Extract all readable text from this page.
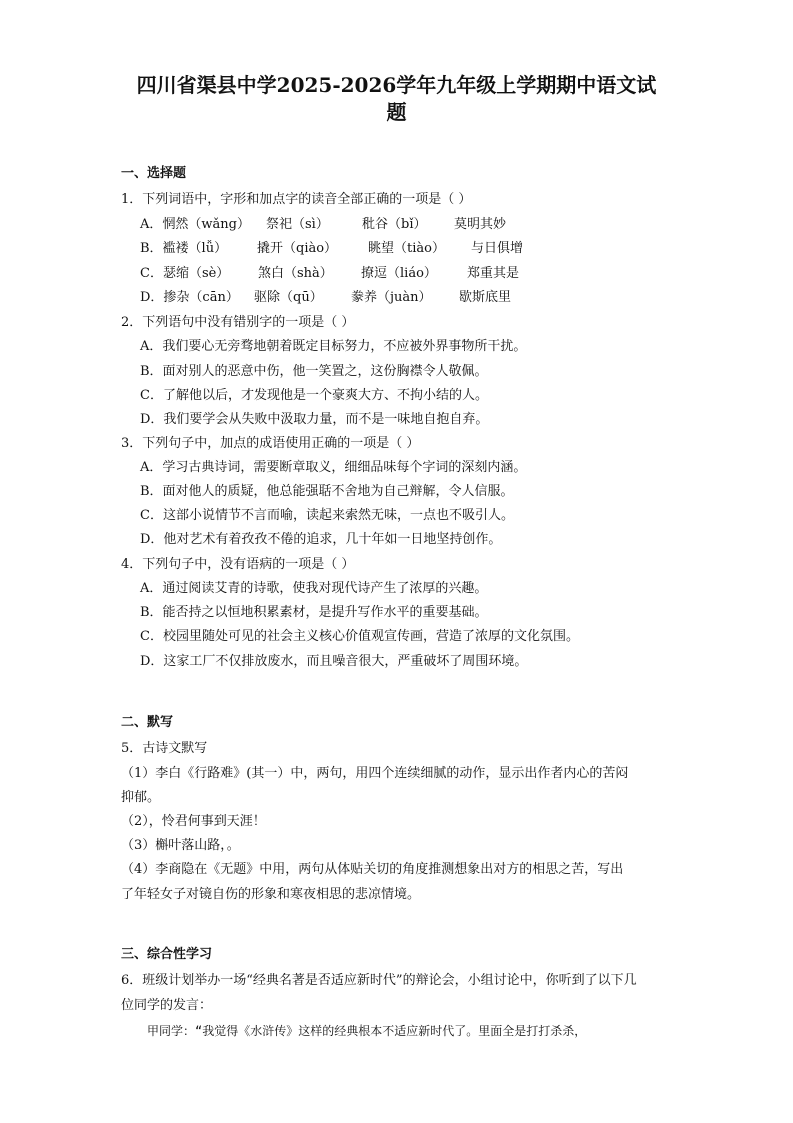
四川省渠县中学2025-2026学年九年级上学期期中语文试
题
一、选择题
1．下列词语中，字形和加点字的读音全部正确的一项是（ ）
A．惘然（wǎng） 祭祀（sì）	秕谷（bǐ） 莫明其妙
B．褴褛（lǚ） 撬开（qiào） 眺望（tiào） 与日俱增
C．瑟缩（sè） 煞白（shà） 撩逗（liáo） 郑重其是
D．掺杂（cān） 驱除（qū） 豢养（juàn） 歇斯底里
2．下列语句中没有错别字的一项是（ ）
A．我们要心无旁骛地朝着既定目标努力，不应被外界事物所干扰。
B．面对别人的恶意中伤，他一笑置之，这份胸襟令人敬佩。
C．了解他以后，才发现他是一个豪爽大方、不拘小结的人。
D．我们要学会从失败中汲取力量，而不是一味地自抱自弃。
3．下列句子中，加点的成语使用正确的一项是（ ）
A．学习古典诗词，需要断章取义，细细品味每个字词的深刻内涵。
B．面对他人的质疑，他总能强聒不舍地为自己辩解，令人信服。
C．这部小说情节不言而喻，读起来索然无味，一点也不吸引人。
D．他对艺术有着孜孜不倦的追求，几十年如一日地坚持创作。
4．下列句子中，没有语病的一项是（ ）
A．通过阅读艾青的诗歌，使我对现代诗产生了浓厚的兴趣。
B．能否持之以恒地积累素材，是提升写作水平的重要基础。
C．校园里随处可见的社会主义核心价值观宣传画，营造了浓厚的文化氛围。
D．这家工厂不仅排放废水，而且噪音很大，严重破坏了周围环境。
二、默写
5．古诗文默写
（1）李白《行路难》(其一）中，两句，用四个连续细腻的动作，显示出作者内心的苦闷
抑郁。
（2），怜君何事到天涯！
（3）槲叶落山路，。
（4）李商隐在《无题》中用，两句从体贴关切的角度推测想象出对方的相思之苦，写出
了年轻女子对镜自伤的形象和寒夜相思的悲凉情境。
三、综合性学习
6．班级计划举办一场“经典名著是否适应新时代”的辩论会，小组讨论中，你听到了以下几
位同学的发言：
甲同学：“我觉得《水浒传》这样的经典根本不适应新时代了。里面全是打打杀杀，
